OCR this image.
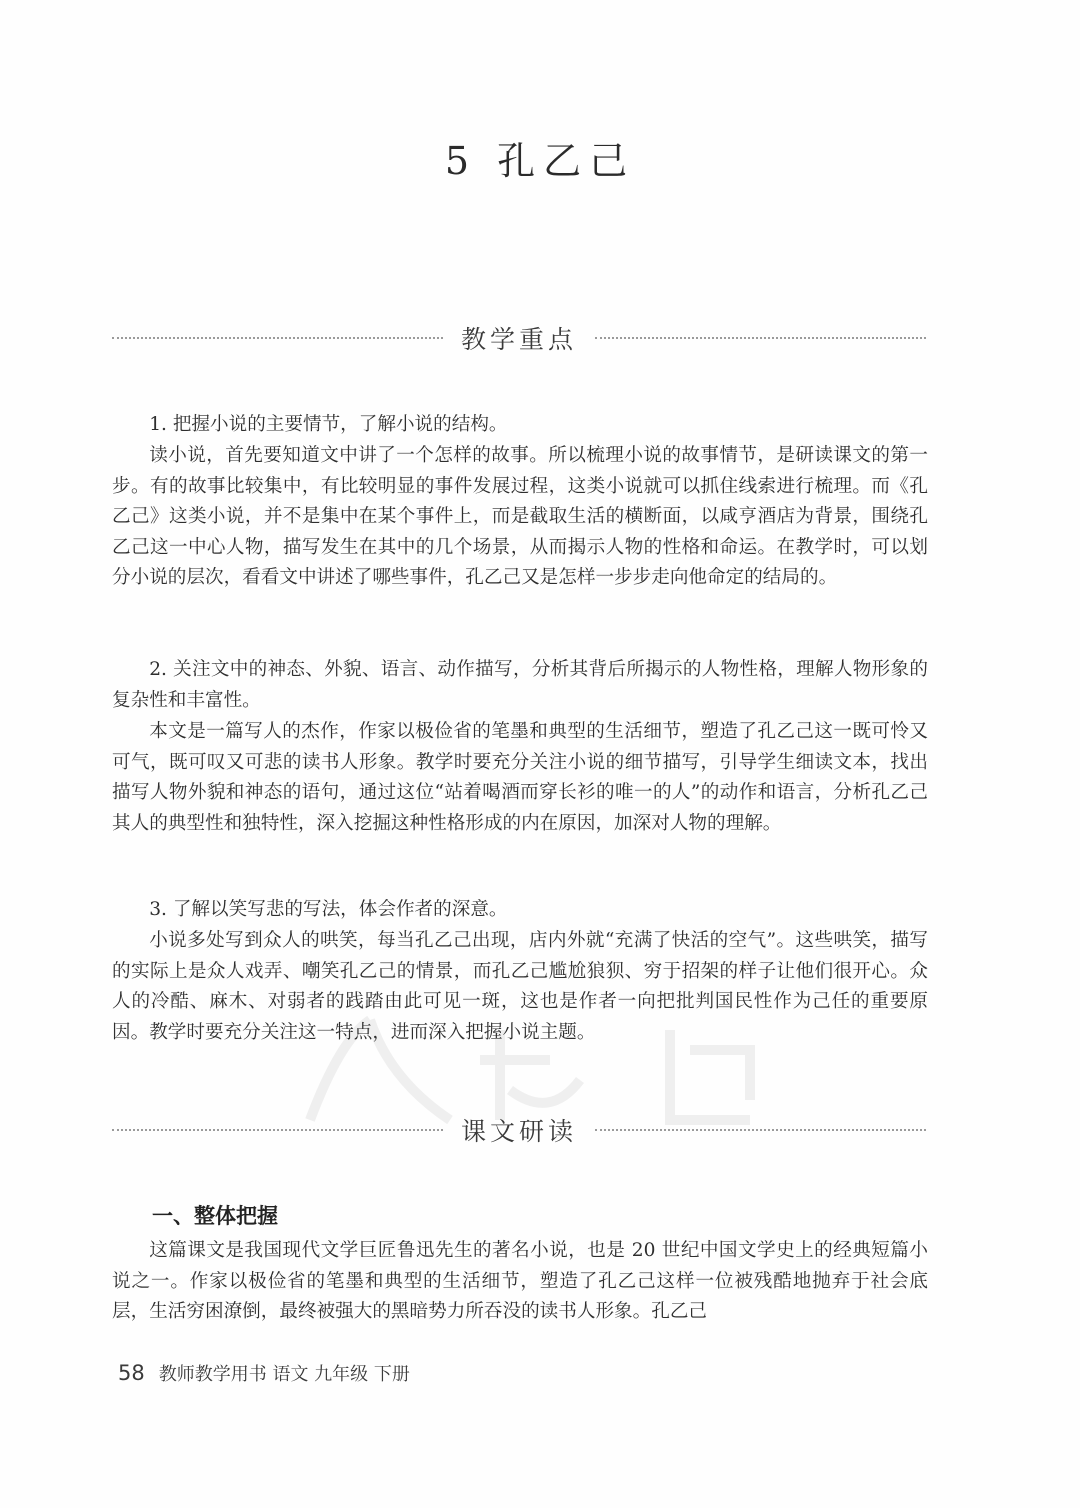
5 孔乙己
教学重点

1. 把握小说的主要情节，了解小说的结构。

读小说，首先要知道文中讲了一个怎样的故事。所以梳理小说的故事情节，是研读课文的第一步。有的故事比较集中，有比较明显的事件发展过程，这类小说就可以抓住线索进行梳理。而《孔乙己》这类小说，并不是集中在某个事件上，而是截取生活的横断面，以咸亨酒店为背景，围绕孔乙己这一中心人物，描写发生在其中的几个场景，从而揭示人物的性格和命运。在教学时，可以划分小说的层次，看看文中讲述了哪些事件，孔乙己又是怎样一步步走向他命定的结局的。

2. 关注文中的神态、外貌、语言、动作描写，分析其背后所揭示的人物性格，理解人物形象的复杂性和丰富性。

本文是一篇写人的杰作，作家以极俭省的笔墨和典型的生活细节，塑造了孔乙己这一既可怜又可气，既可叹又可悲的读书人形象。教学时要充分关注小说的细节描写，引导学生细读文本，找出描写人物外貌和神态的语句，通过这位“站着喝酒而穿长衫的唯一的人”的动作和语言，分析孔乙己其人的典型性和独特性，深入挖掘这种性格形成的内在原因，加深对人物的理解。

3. 了解以笑写悲的写法，体会作者的深意。

小说多处写到众人的哄笑，每当孔乙己出现，店内外就“充满了快活的空气”。这些哄笑，描写的实际上是众人戏弄、嘲笑孔乙己的情景，而孔乙己尴尬狼狈、穷于招架的样子让他们很开心。众人的冷酷、麻木、对弱者的践踏由此可见一斑，这也是作者一向把批判国民性作为己任的重要原因。教学时要充分关注这一特点，进而深入把握小说主题。

课文研读
一、整体把握

这篇课文是我国现代文学巨匠鲁迅先生的著名小说，也是 20 世纪中国文学史上的经典短篇小说之一。作家以极俭省的笔墨和典型的生活细节，塑造了孔乙己这样一位被残酷地抛弃于社会底层，生活穷困潦倒，最终被强大的黑暗势力所吞没的读书人形象。孔乙己

58 教师教学用书 语文 九年级 下册
